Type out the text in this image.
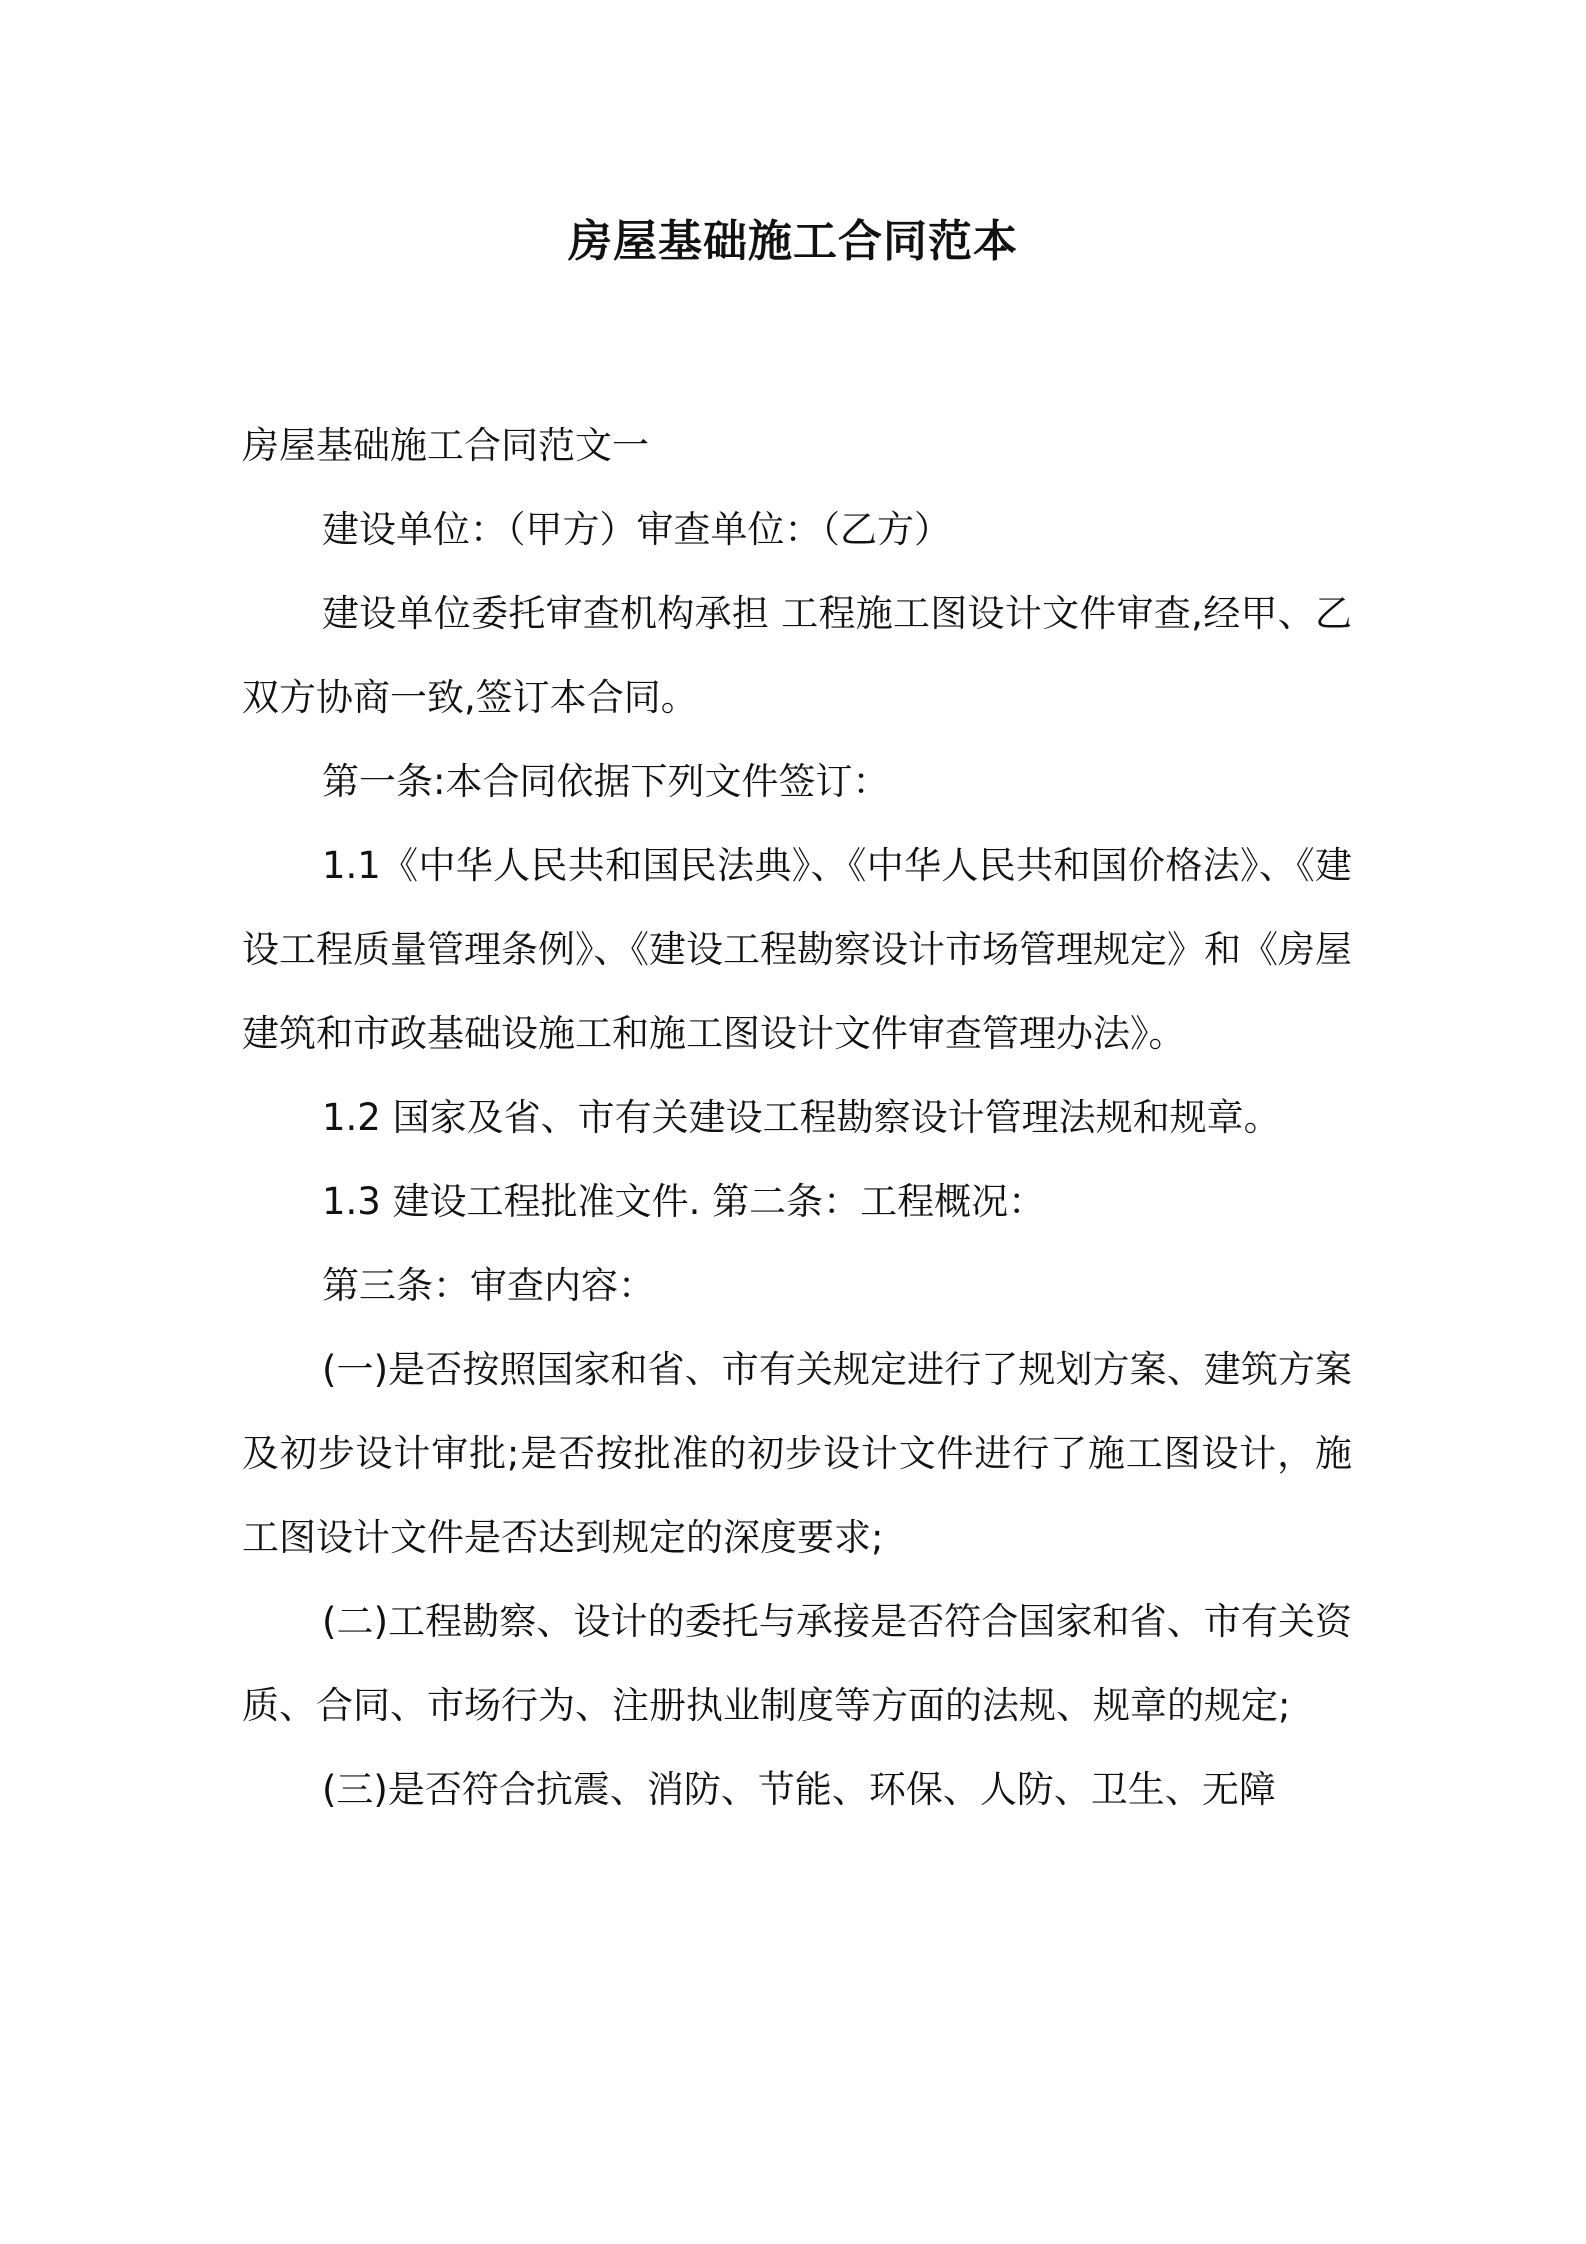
房屋基础施工合同范本

房屋基础施工合同范文一

建设单位：（甲方）审查单位：（乙方）

建设单位委托审查机构承担 工程施工图设计文件审查,经甲、乙双方协商一致,签订本合同。

第一条:本合同依据下列文件签订：

1.1《中华人民共和国民法典》、《中华人民共和国价格法》、《建设工程质量管理条例》、《建设工程勘察设计市场管理规定》和《房屋建筑和市政基础设施工和施工图设计文件审查管理办法》。

1.2 国家及省、市有关建设工程勘察设计管理法规和规章。

1.3 建设工程批准文件. 第二条：工程概况：

第三条：审查内容：

(一)是否按照国家和省、市有关规定进行了规划方案、建筑方案及初步设计审批;是否按批准的初步设计文件进行了施工图设计，施工图设计文件是否达到规定的深度要求;

(二)工程勘察、设计的委托与承接是否符合国家和省、市有关资质、合同、市场行为、注册执业制度等方面的法规、规章的规定;

(三)是否符合抗震、消防、节能、环保、人防、卫生、无障
